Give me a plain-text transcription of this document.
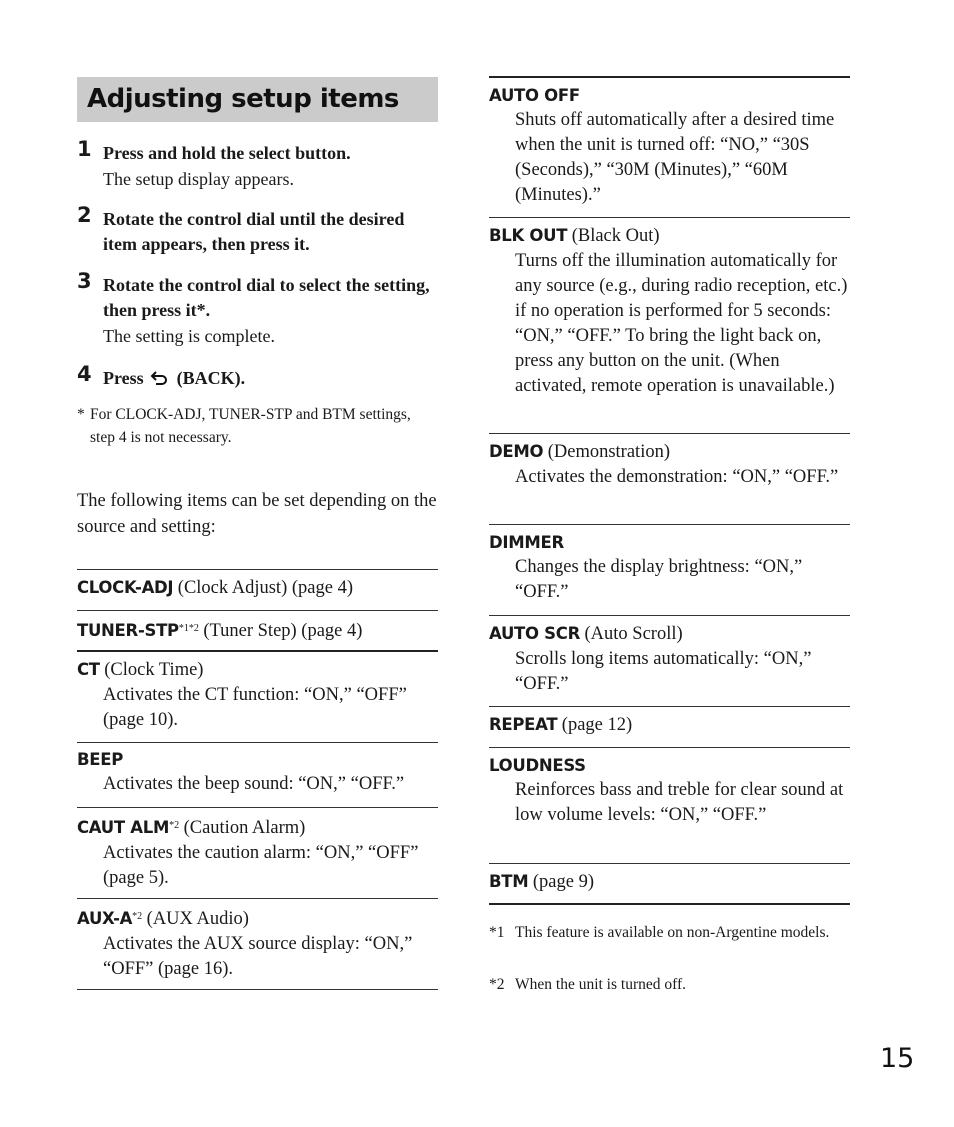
Adjusting setup items
1 Press and hold the select button.
The setup display appears.
2 Rotate the control dial until the desired item appears, then press it.
3 Rotate the control dial to select the setting, then press it*.
The setting is complete.
4 Press (BACK).
* For CLOCK-ADJ, TUNER-STP and BTM settings, step 4 is not necessary.
The following items can be set depending on the source and setting:
CLOCK-ADJ (Clock Adjust) (page 4)
TUNER-$STP^{*1*2}$ (Tuner Step) (page 4)
CT (Clock Time)
Activates the CT function: “ON,” “OFF” (page 10).
BEEP
Activates the beep sound: “ON,” “OFF.”
CAUT ALM$^{*2}$ (Caution Alarm)
Activates the caution alarm: “ON,” “OFF” (page 5).
AUX-$A^{*2}$ (AUX Audio)
Activates the AUX source display: “ON,” “OFF” (page 16).
AUTO OFF
Shuts off automatically after a desired time when the unit is turned off: “NO,” “30S (Seconds),” “30M (Minutes),” “60M (Minutes).”
BLK OUT (Black Out)
Turns off the illumination automatically for any source (e.g., during radio reception, etc.) if no operation is performed for 5 seconds: “ON,” “OFF.” To bring the light back on, press any button on the unit. (When activated, remote operation is unavailable.)
DEMO (Demonstration)
Activates the demonstration: “ON,” “OFF.”
DIMMER
Changes the display brightness: “ON,” “OFF.”
AUTO SCR (Auto Scroll)
Scrolls long items automatically: “ON,” “OFF.”
REPEAT (page 12)
LOUDNESS
Reinforces bass and treble for clear sound at low volume levels: “ON,” “OFF.”
BTM (page 9)
*1 This feature is available on non-Argentine models.
*2 When the unit is turned off.
15
